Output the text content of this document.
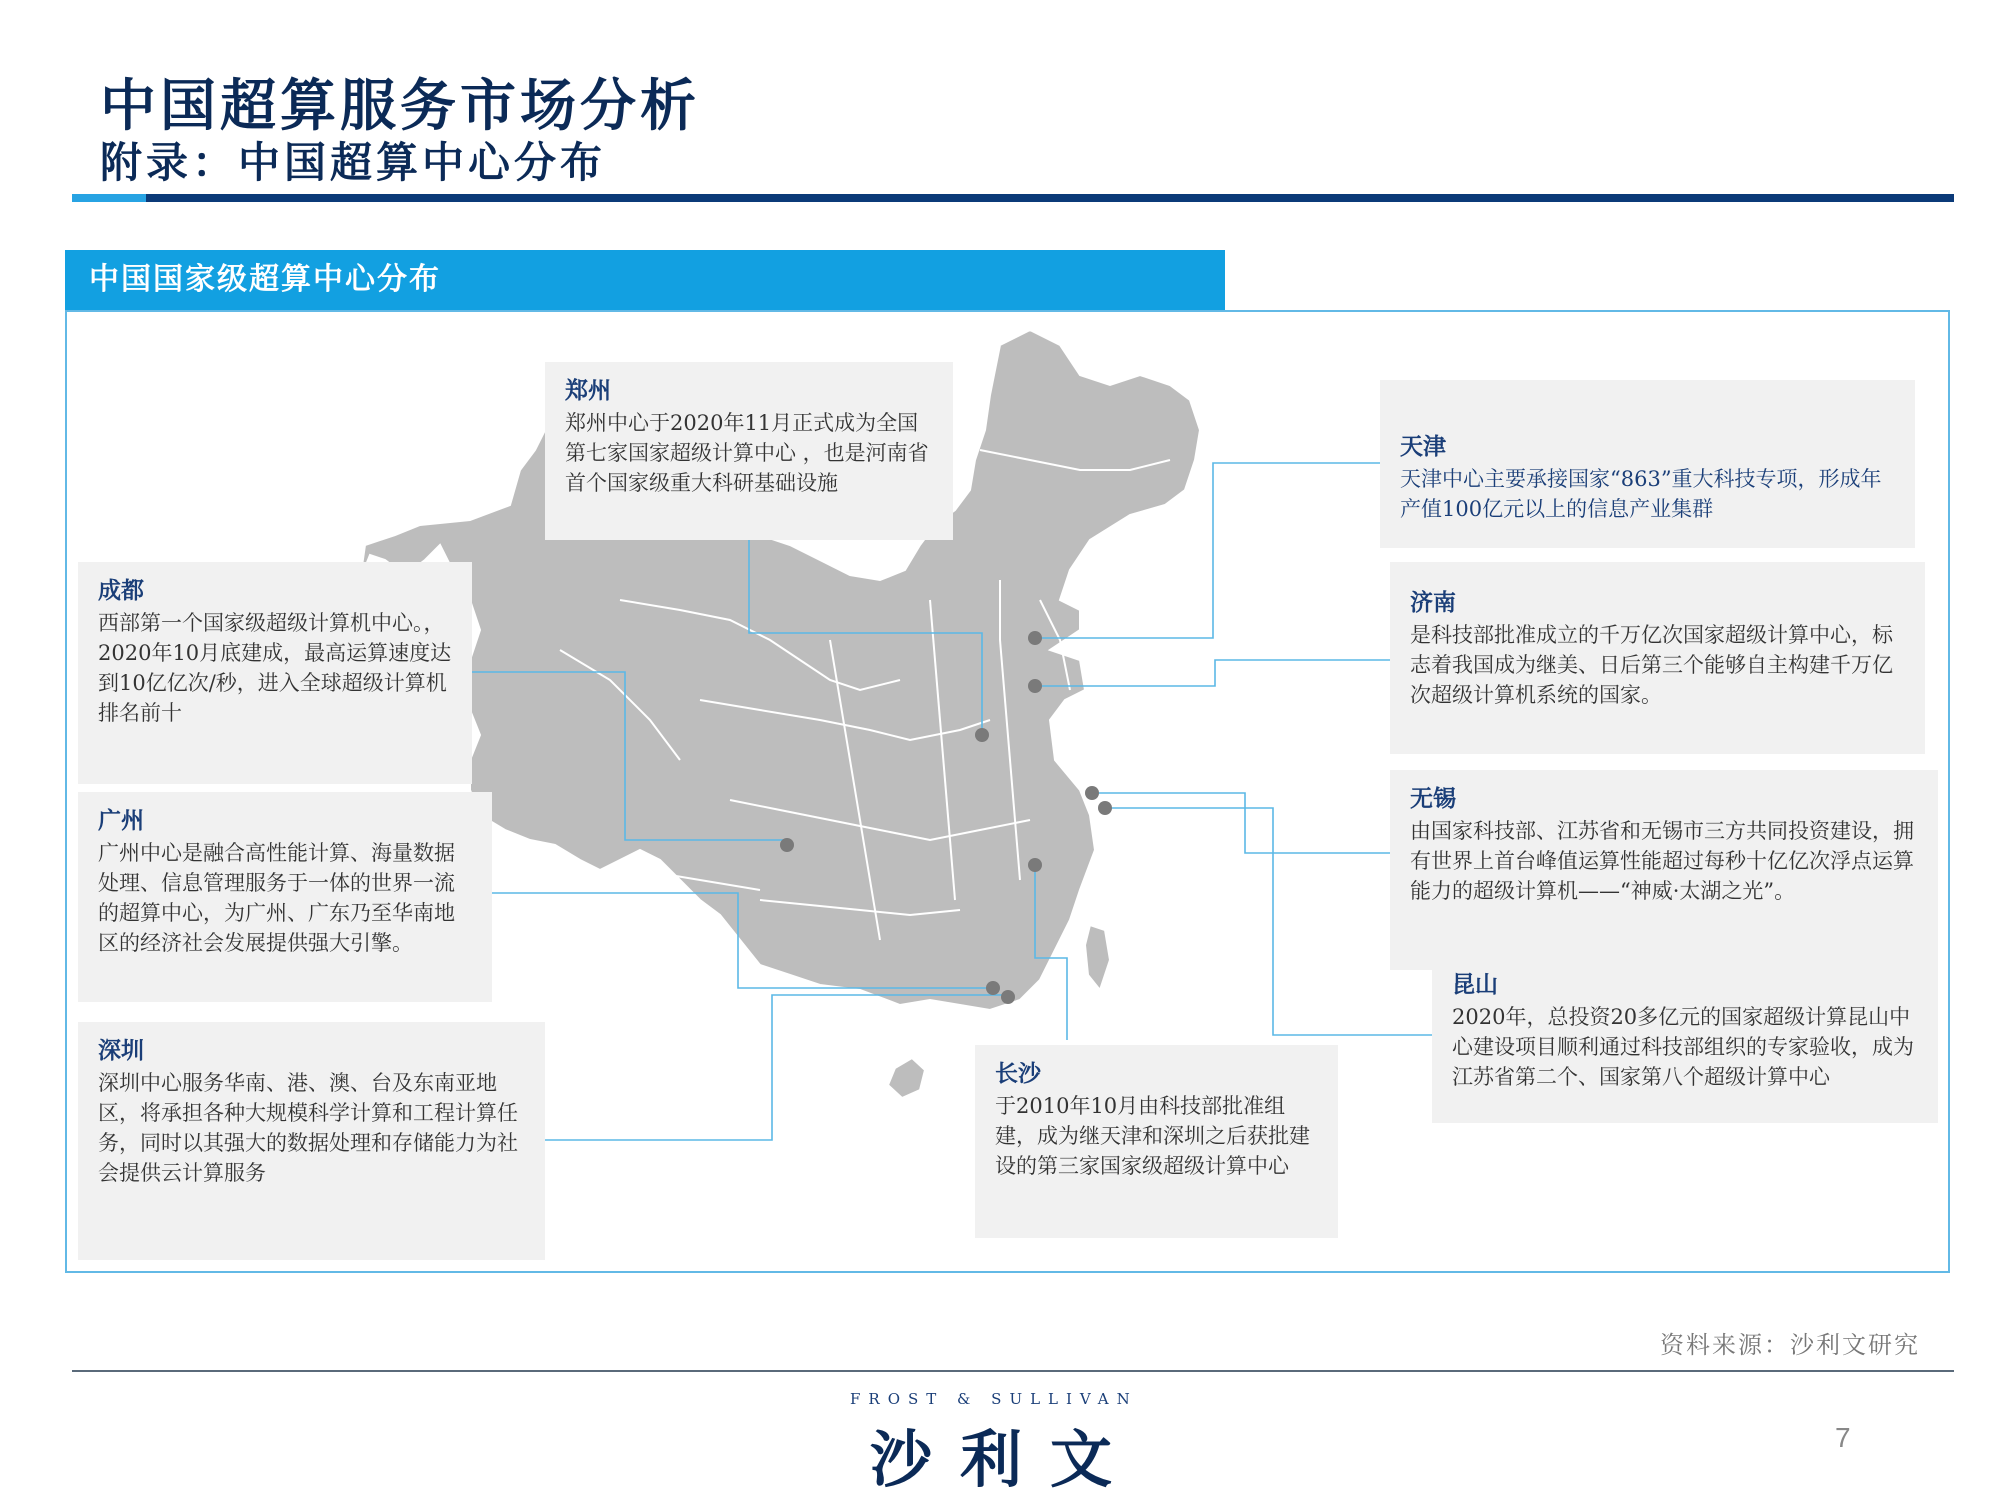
中国超算服务市场分析
附录：中国超算中心分布
中国国家级超算中心分布
郑州
郑州中心于2020年11月正式成为全国第七家国家超级计算中心 ，也是河南省首个国家级重大科研基础设施
成都
西部第一个国家级超级计算机中心。，2020年10月底建成，最高运算速度达到10亿亿次/秒，进入全球超级计算机排名前十
广州
广州中心是融合高性能计算、海量数据处理、信息管理服务于一体的世界一流的超算中心，为广州、广东乃至华南地区的经济社会发展提供强大引擎。
深圳
深圳中心服务华南、港、澳、台及东南亚地区，将承担各种大规模科学计算和工程计算任务，同时以其强大的数据处理和存储能力为社会提供云计算服务
长沙
于2010年10月由科技部批准组建，成为继天津和深圳之后获批建设的第三家国家级超级计算中心
天津
天津中心主要承接国家“863”重大科技专项，形成年产值100亿元以上的信息产业集群
济南
是科技部批准成立的千万亿次国家超级计算中心，标志着我国成为继美、日后第三个能够自主构建千万亿次超级计算机系统的国家。
无锡
由国家科技部、江苏省和无锡市三方共同投资建设，拥有世界上首台峰值运算性能超过每秒十亿亿次浮点运算能力的超级计算机——“神威·太湖之光”。
昆山
2020年，总投资20多亿元的国家超级计算昆山中心建设项目顺利通过科技部组织的专家验收，成为江苏省第二个、国家第八个超级计算中心
资料来源：沙利文研究
FROST & SULLIVAN
沙利文	7
